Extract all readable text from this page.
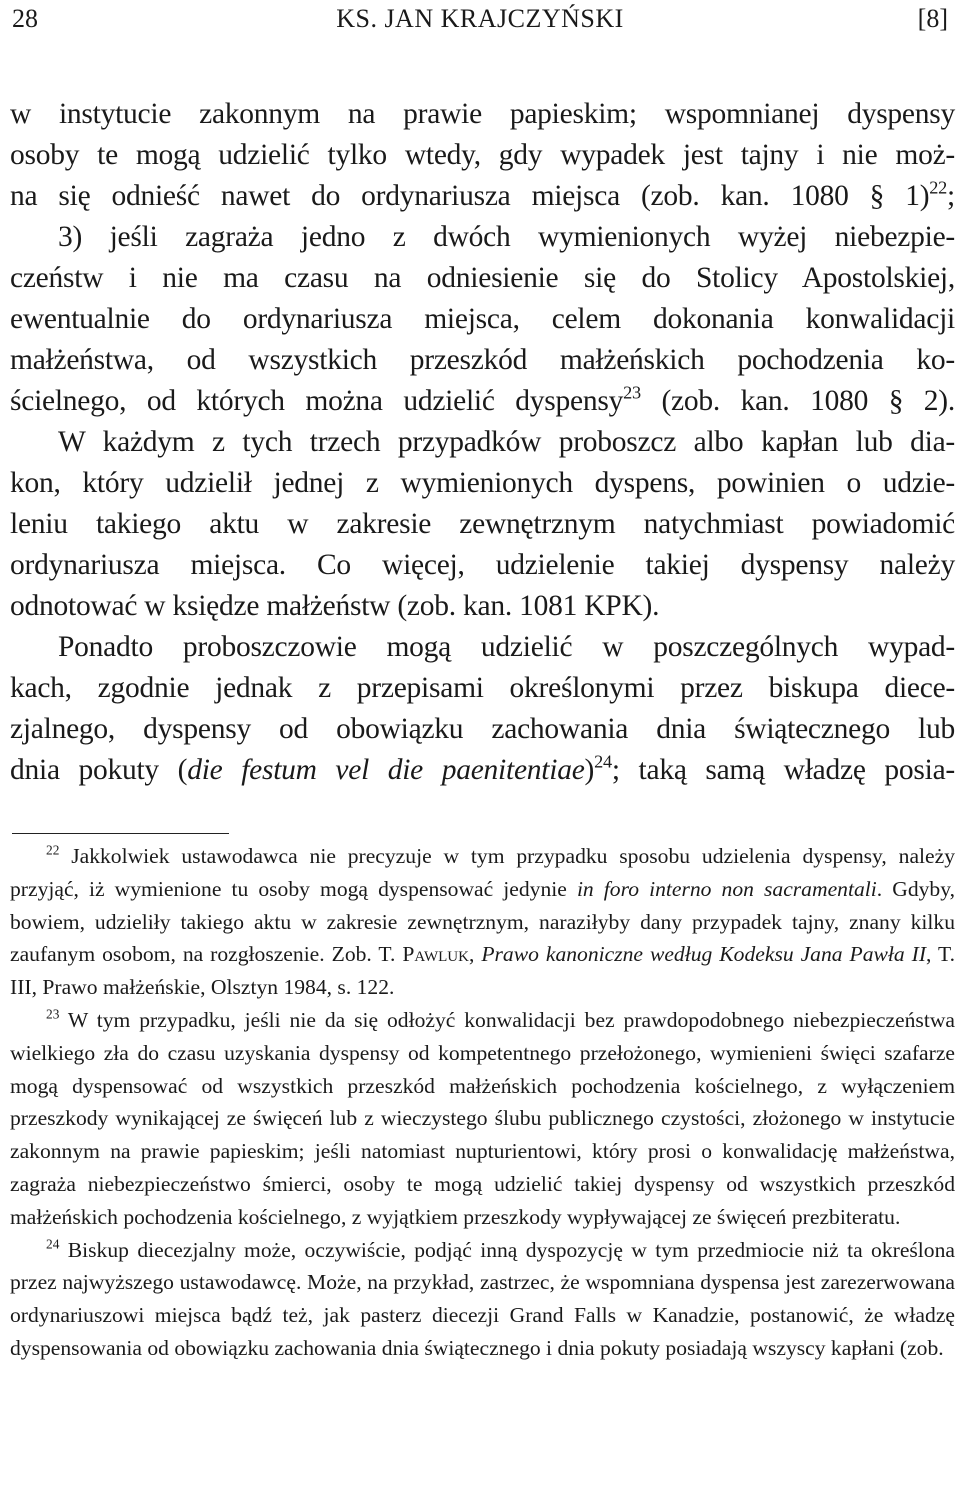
28	KS. JAN KRAJCZYŃSKI	[8]
w instytucie zakonnym na prawie papieskim; wspomnianej dyspensy
osoby te mogą udzielić tylko wtedy, gdy wypadek jest tajny i nie moż-
na się odnieść nawet do ordynariusza miejsca (zob. kan. 1080 § 1)$^{22}$;
3) jeśli zagraża jedno z dwóch wymienionych wyżej niebezpie-
czeństw i nie ma czasu na odniesienie się do Stolicy Apostolskiej,
ewentualnie do ordynariusza miejsca, celem dokonania konwalidacji
małżeństwa, od wszystkich przeszkód małżeńskich pochodzenia ko-
ścielnego, od których można udzielić dyspensy$^{23}$ (zob. kan. 1080 § 2).
W każdym z tych trzech przypadków proboszcz albo kapłan lub dia-
kon, który udzielił jednej z wymienionych dyspens, powinien o udzie-
leniu takiego aktu w zakresie zewnętrznym natychmiast powiadomić
ordynariusza miejsca. Co więcej, udzielenie takiej dyspensy należy
odnotować w księdze małżeństw (zob. kan. 1081 KPK).
Ponadto proboszczowie mogą udzielić w poszczególnych wypad-
kach, zgodnie jednak z przepisami określonymi przez biskupa diece-
zjalnego, dyspensy od obowiązku zachowania dnia świątecznego lub
dnia pokuty (die festum vel die paenitentiae)$^{24}$; taką samą władzę posia-

$^{22}$ Jakkolwiek ustawodawca nie precyzuje w tym przypadku sposobu udzielenia dyspensy, należy przyjąć, iż wymienione tu osoby mogą dyspensować jedynie in foro interno non sacramentali. Gdyby, bowiem, udzieliły takiego aktu w zakresie zewnętrznym, naraziłyby dany przypadek tajny, znany kilku zaufanym osobom, na rozgłoszenie. Zob. T. Pawluk, Prawo kanoniczne według Kodeksu Jana Pawła II, T. III, Prawo małżeńskie, Olsztyn 1984, s. 122.

$^{23}$ W tym przypadku, jeśli nie da się odłożyć konwalidacji bez prawdopodobnego niebezpieczeństwa wielkiego zła do czasu uzyskania dyspensy od kompetentnego przełożonego, wymienieni święci szafarze mogą dyspensować od wszystkich przeszkód małżeńskich pochodzenia kościelnego, z wyłączeniem przeszkody wynikającej ze święceń lub z wieczystego ślubu publicznego czystości, złożonego w instytucie zakonnym na prawie papieskim; jeśli natomiast nupturientowi, który prosi o konwalidację małżeństwa, zagraża niebezpieczeństwo śmierci, osoby te mogą udzielić takiej dyspensy od wszystkich przeszkód małżeńskich pochodzenia kościelnego, z wyjątkiem przeszkody wypływającej ze święceń prezbiteratu.

$^{24}$ Biskup diecezjalny może, oczywiście, podjąć inną dyspozycję w tym przedmiocie niż ta określona przez najwyższego ustawodawcę. Może, na przykład, zastrzec, że wspomniana dyspensa jest zarezerwowana ordynariuszowi miejsca bądź też, jak pasterz diecezji Grand Falls w Kanadzie, postanowić, że władzę dyspensowania od obowiązku zachowania dnia świątecznego i dnia pokuty posiadają wszyscy kapłani (zob.
